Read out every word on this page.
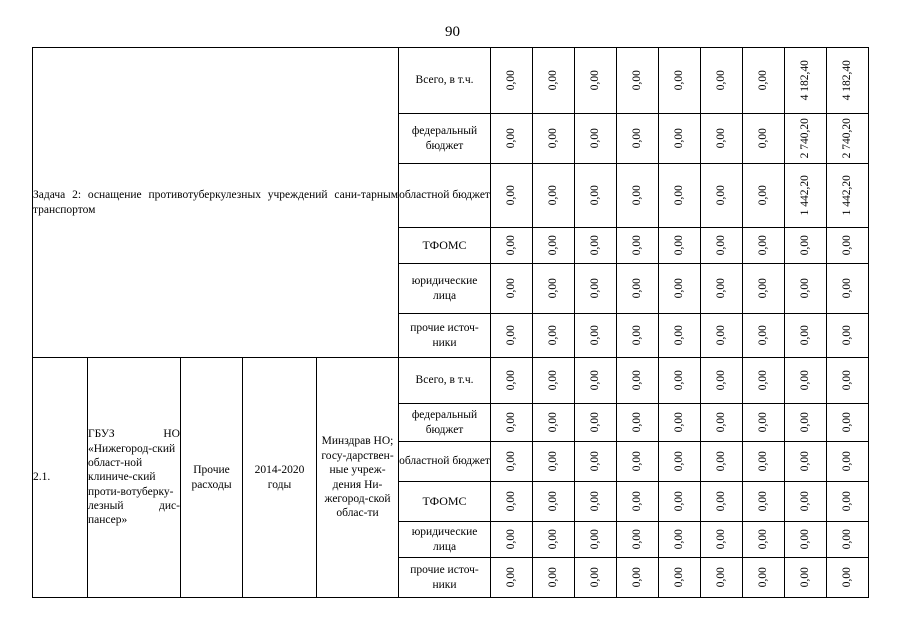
90
Задача 2: оснащение противотуберкулезных учреждений сани-тарным транспортом					Всего, в т.ч.	0,00	0,00	0,00	0,00	0,00	0,00	0,00	4 182,40	4 182,40
					федеральный бюджет	0,00	0,00	0,00	0,00	0,00	0,00	0,00	2 740,20	2 740,20
					областной бюджет	0,00	0,00	0,00	0,00	0,00	0,00	0,00	1 442,20	1 442,20
					ТФОМС	0,00	0,00	0,00	0,00	0,00	0,00	0,00	0,00	0,00
					юридические лица	0,00	0,00	0,00	0,00	0,00	0,00	0,00	0,00	0,00
					прочие источ-ники	0,00	0,00	0,00	0,00	0,00	0,00	0,00	0,00	0,00
2.1.	ГБУЗ НО «Нижегород-ский област-ной клиниче-ский проти-вотуберку-лезный дис-пансер»	Прочие расходы	2014-2020 годы	Минздрав НО; госу-дарствен-ные учреж-дения Ни-жегород-ской облас-ти	Всего, в т.ч.	0,00	0,00	0,00	0,00	0,00	0,00	0,00	0,00	0,00
					федеральный бюджет	0,00	0,00	0,00	0,00	0,00	0,00	0,00	0,00	0,00
					областной бюджет	0,00	0,00	0,00	0,00	0,00	0,00	0,00	0,00	0,00
					ТФОМС	0,00	0,00	0,00	0,00	0,00	0,00	0,00	0,00	0,00
					юридические лица	0,00	0,00	0,00	0,00	0,00	0,00	0,00	0,00	0,00
					прочие источ-ники	0,00	0,00	0,00	0,00	0,00	0,00	0,00	0,00	0,00
